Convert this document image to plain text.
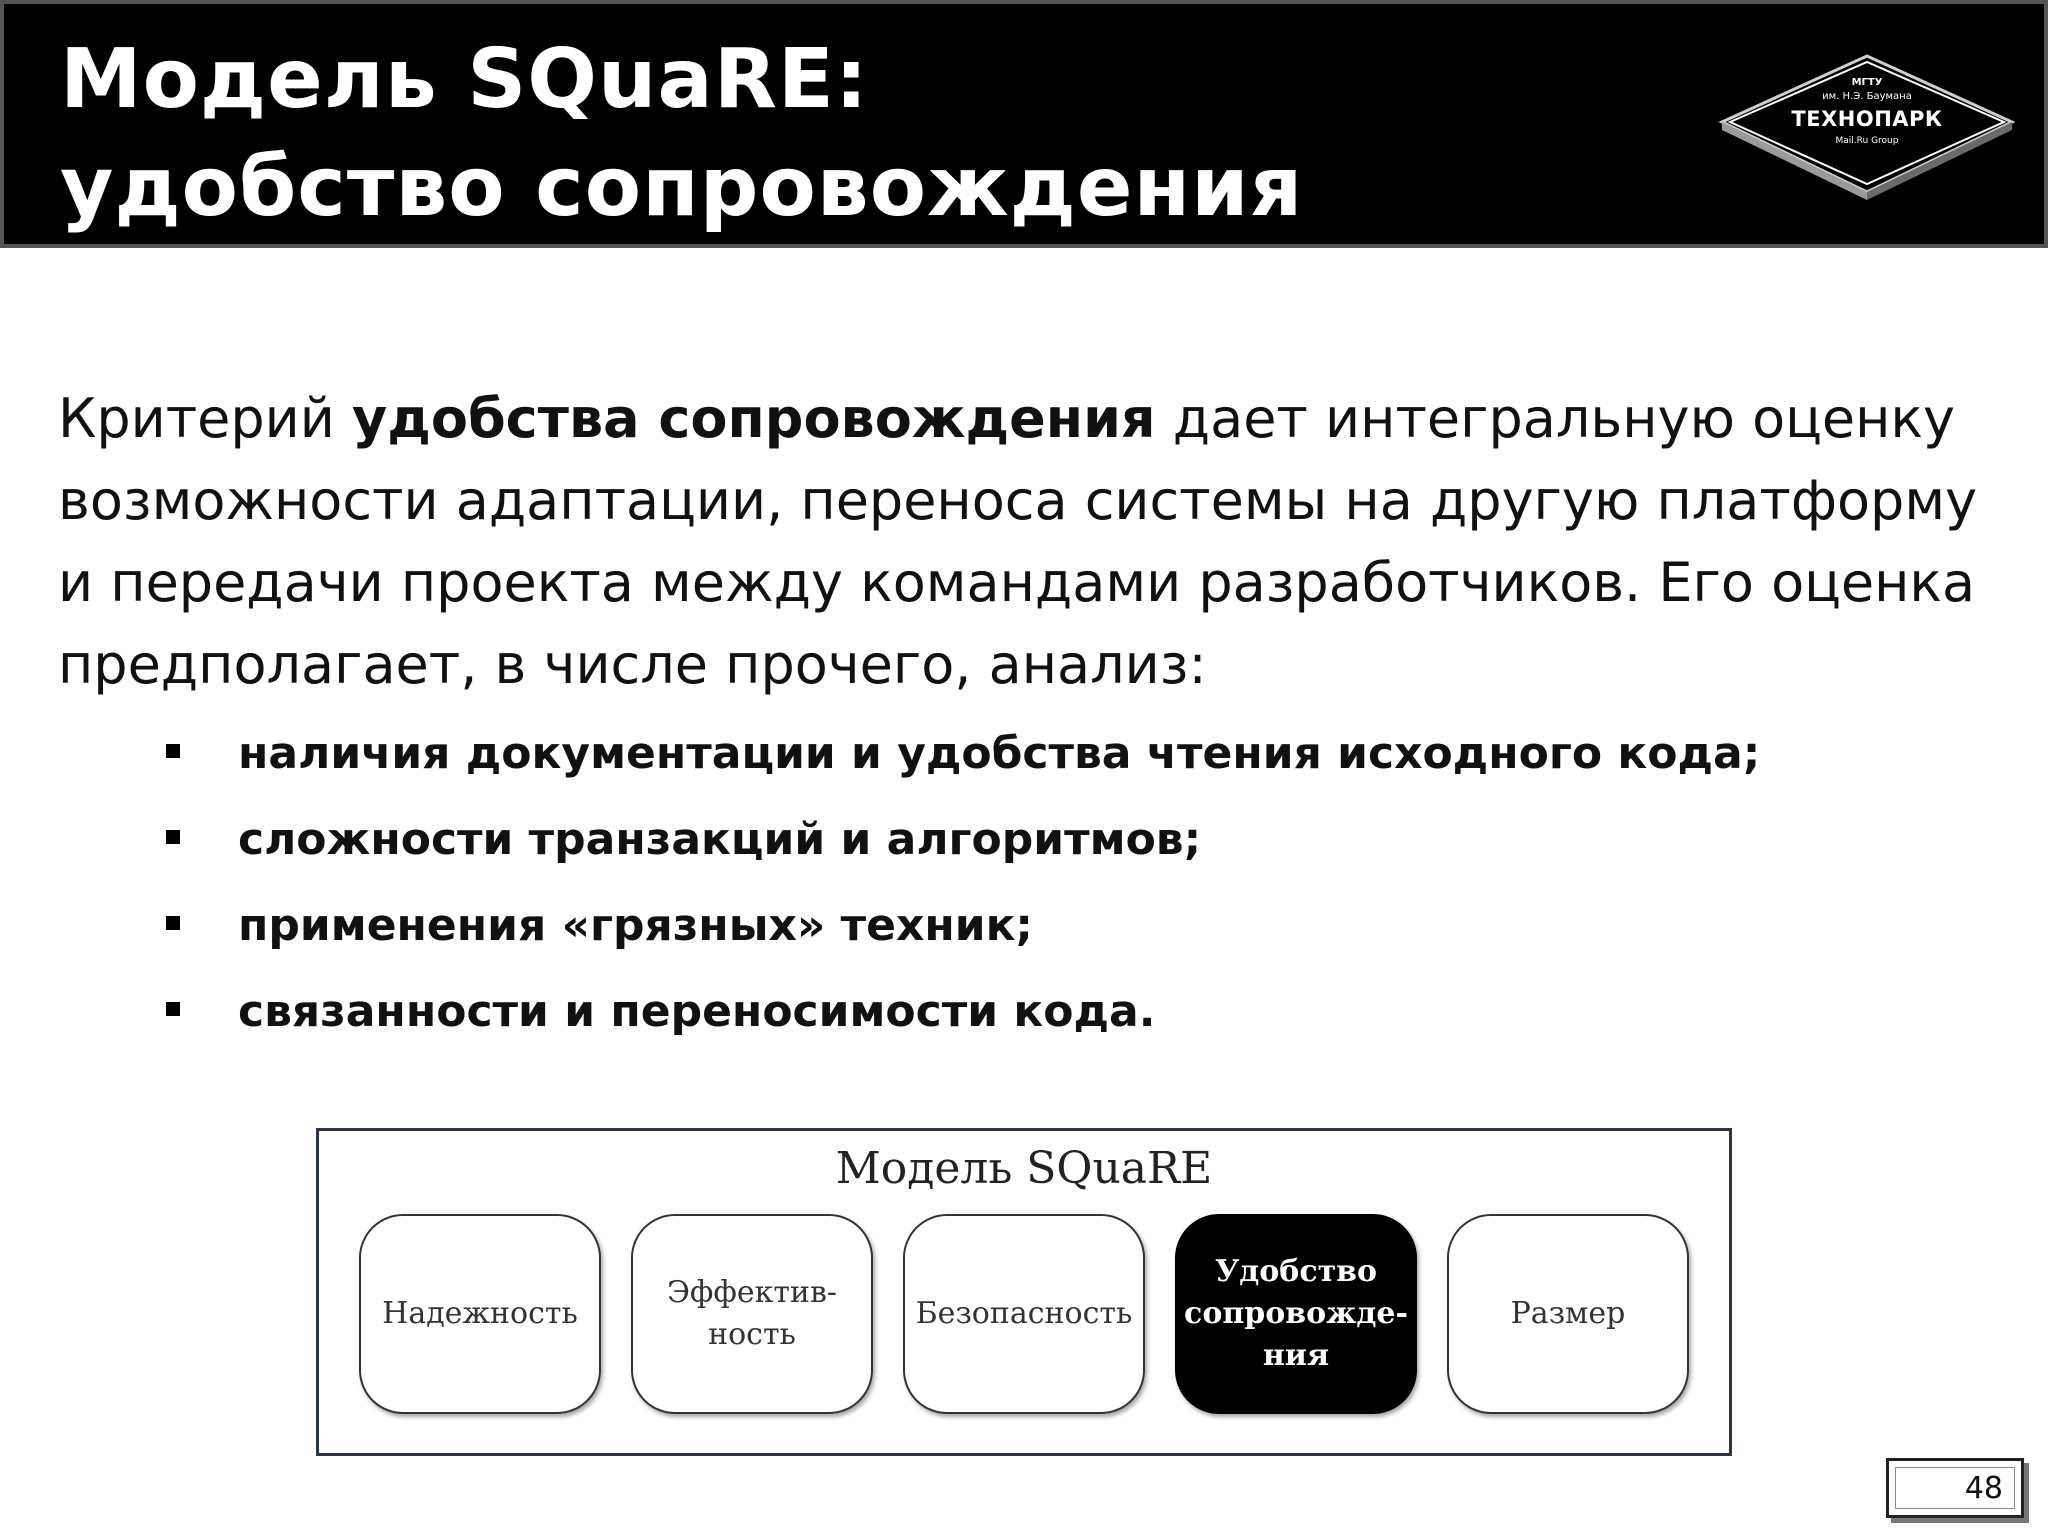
Модель SQuaRE:
удобство сопровождения
МГТУ
им. Н.Э. Баумана
ТЕХНОПАРК
Mail.Ru Group

Критерий удобства сопровождения дает интегральную оценку возможности адаптации, переноса системы на другую платформу и передачи проекта между командами разработчиков. Его оценка предполагает, в числе прочего, анализ:

наличия документации и удобства чтения исходного кода;
сложности транзакций и алгоритмов;
применения «грязных» техник;
связанности и переносимости кода.
Модель SQuaRE
Надежность
Эффектив-
ность
Безопасность
Удобство
сопровожде-
ния
Размер
48
